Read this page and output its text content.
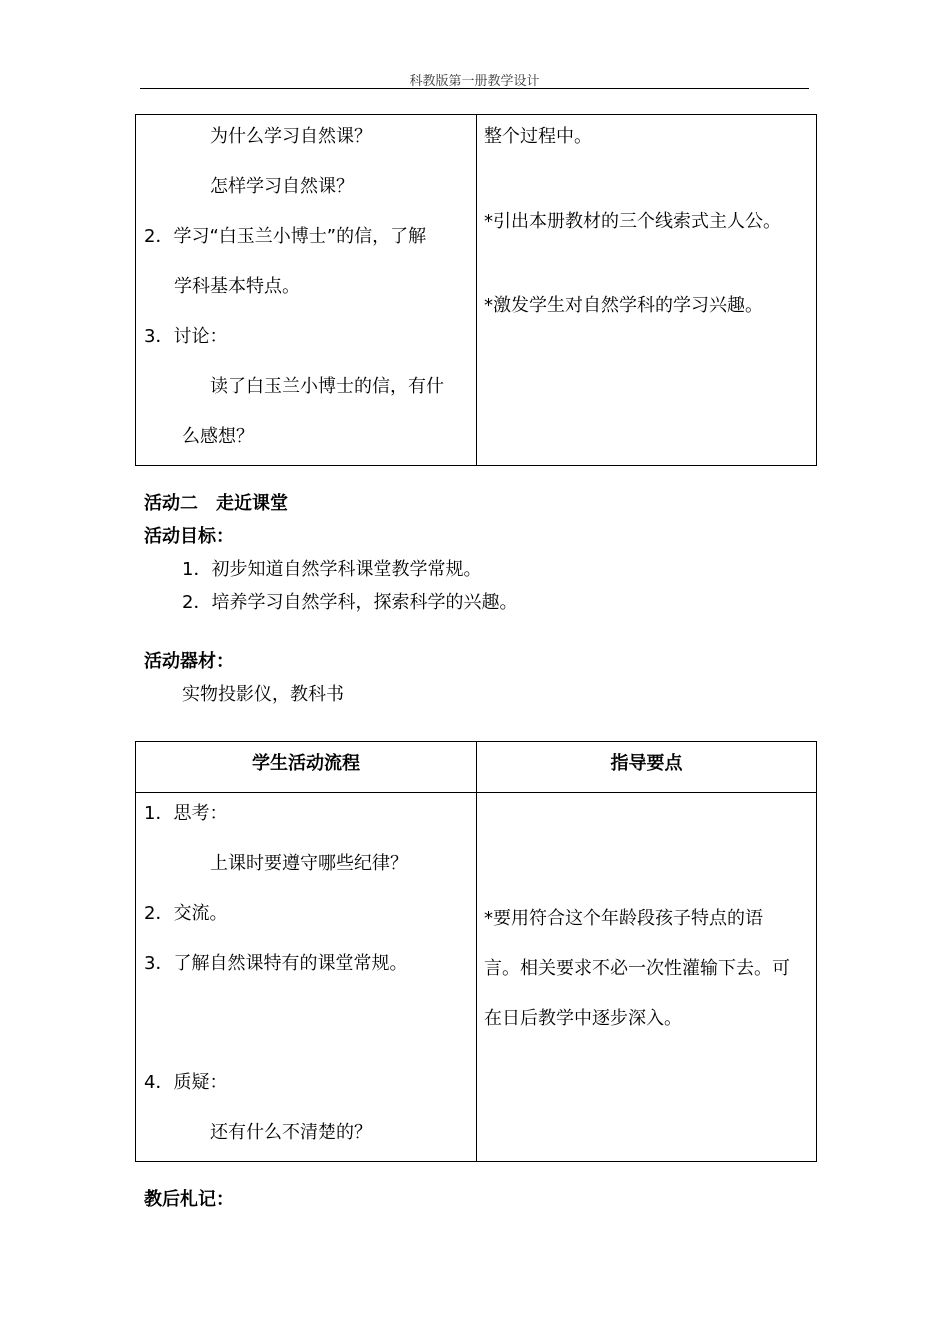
科教版第一册教学设计
为什么学习自然课？
怎样学习自然课？
2．学习“白玉兰小博士”的信，了解
学科基本特点。
3．讨论：
读了白玉兰小博士的信，有什
么感想？
整个过程中。
*引出本册教材的三个线索式主人公。
*激发学生对自然学科的学习兴趣。
活动二　走近课堂
活动目标：
1．初步知道自然学科课堂教学常规。
2．培养学习自然学科，探索科学的兴趣。
活动器材：
实物投影仪，教科书
学生活动流程	指导要点
1．思考：
上课时要遵守哪些纪律？
2．交流。
3．了解自然课特有的课堂常规。
4．质疑：
还有什么不清楚的？
*要用符合这个年龄段孩子特点的语
言。相关要求不必一次性灌输下去。可
在日后教学中逐步深入。
教后札记：
